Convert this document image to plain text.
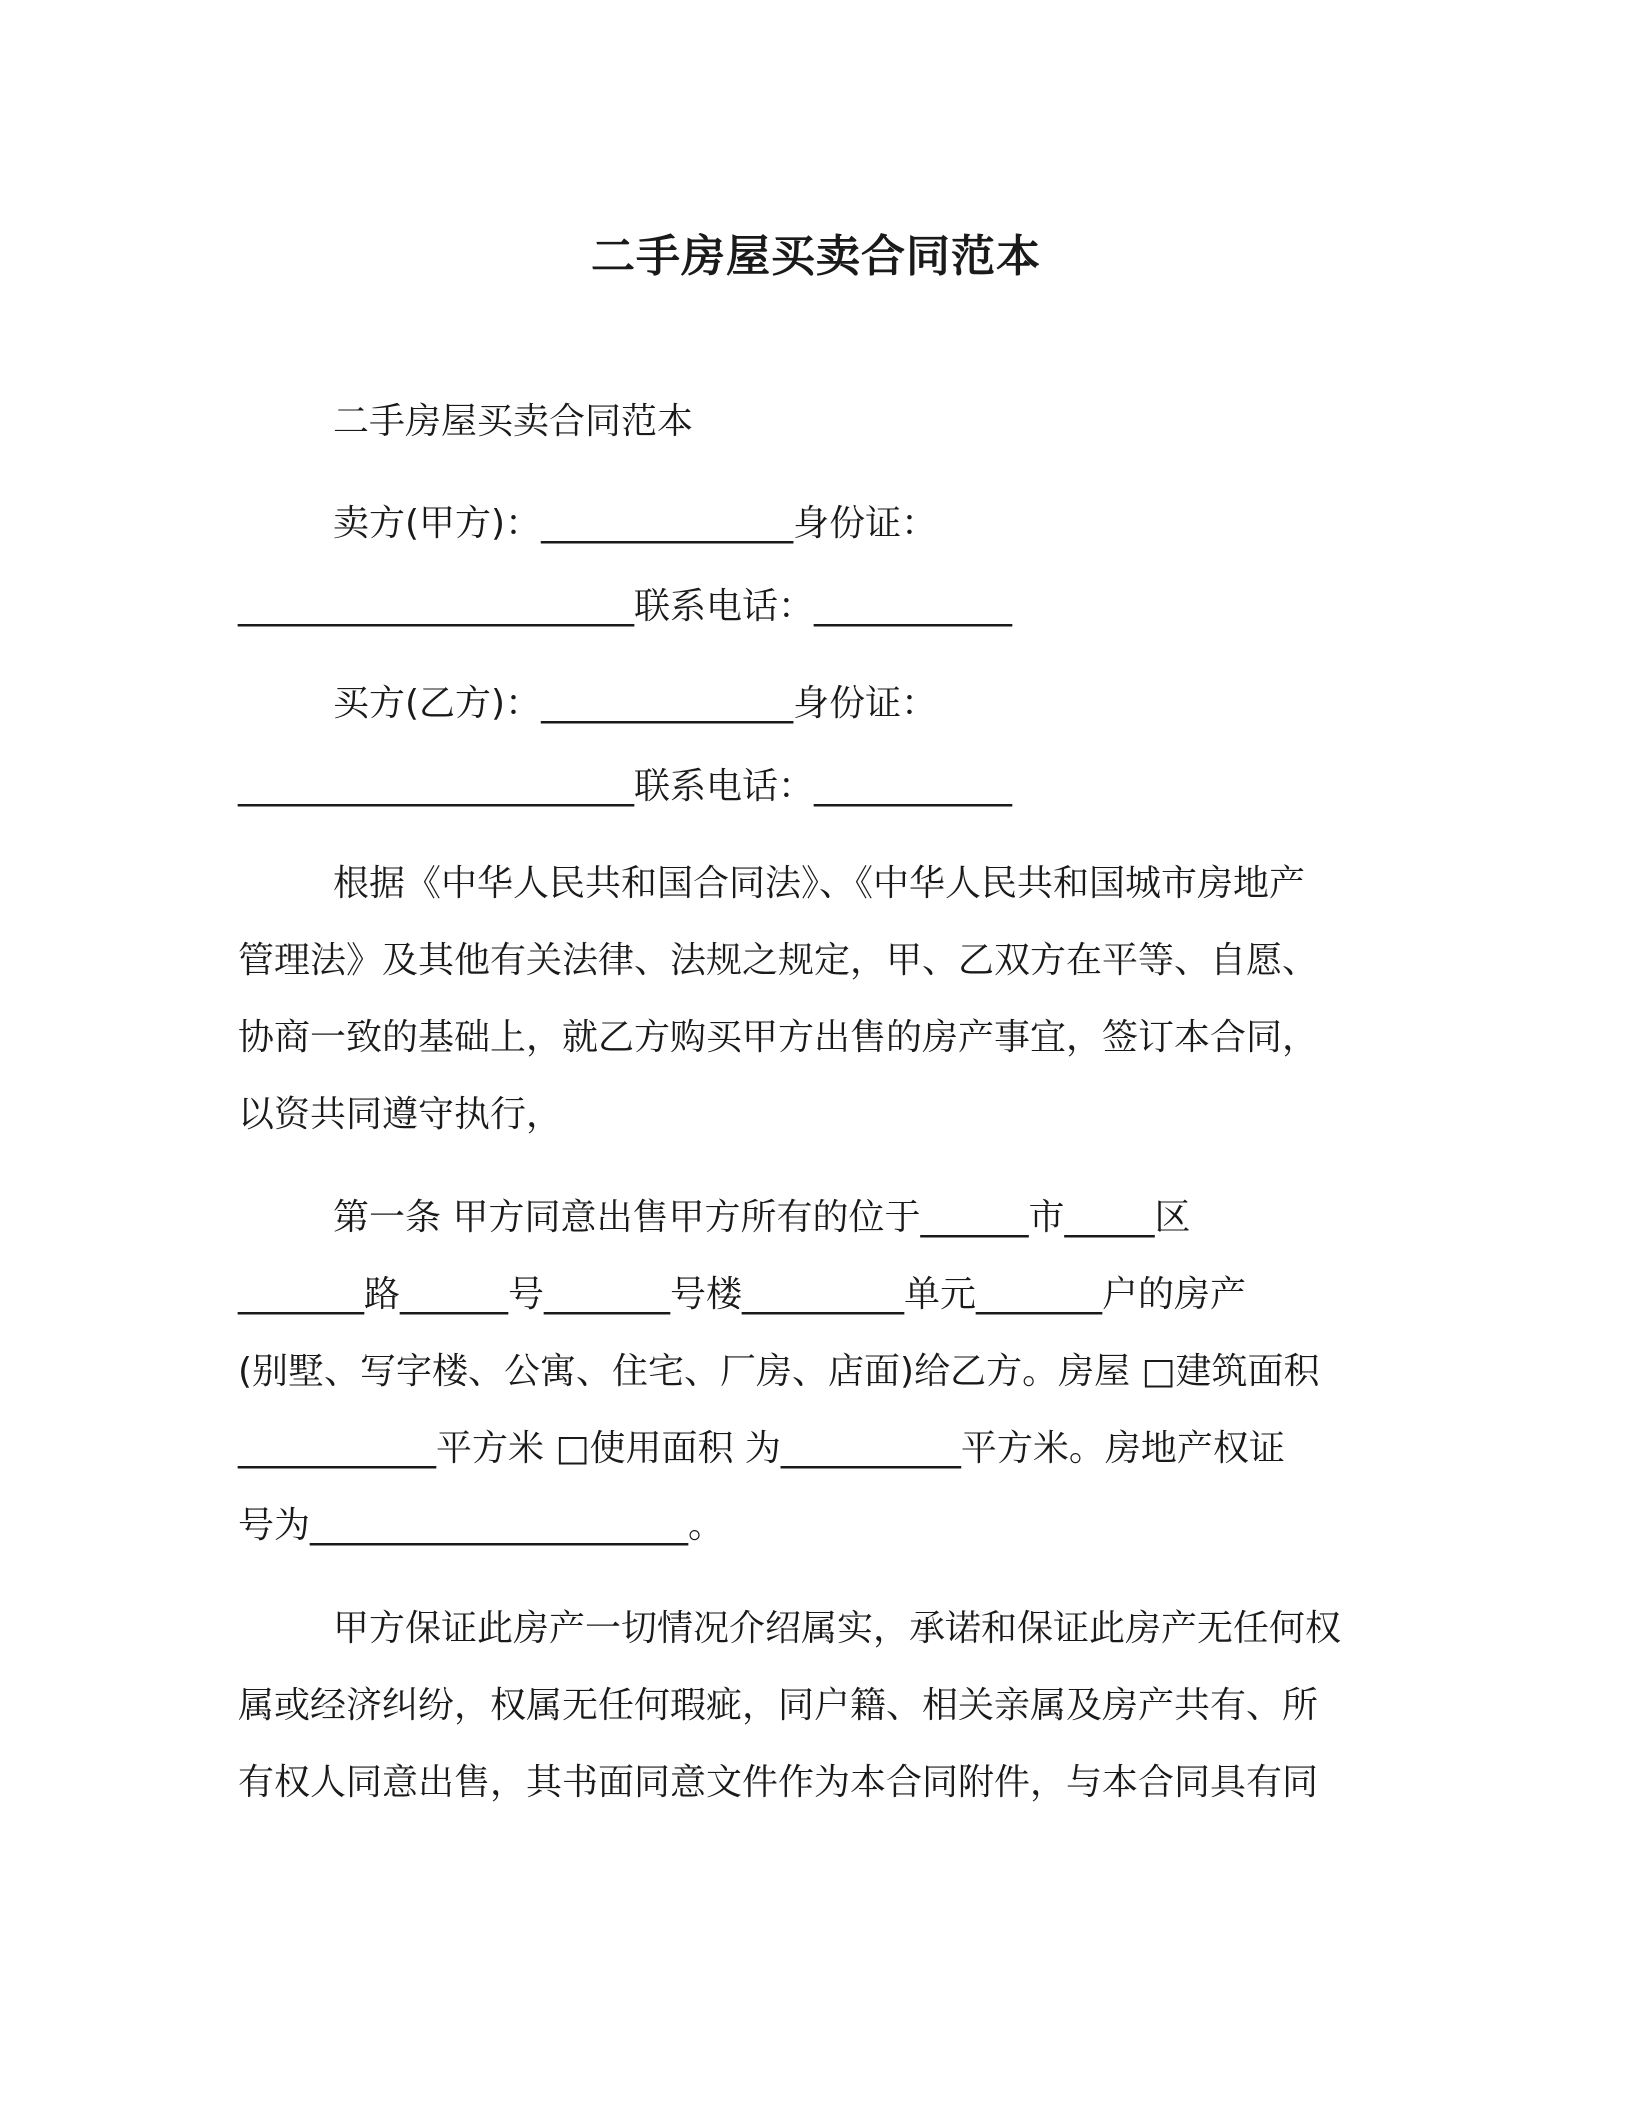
二手房屋买卖合同范本

二手房屋买卖合同范本

卖方(甲方)：______________身份证：

______________________联系电话：___________

买方(乙方)：______________身份证：

______________________联系电话：___________

根据《中华人民共和国合同法》、《中华人民共和国城市房地产

管理法》及其他有关法律、法规之规定，甲、乙双方在平等、自愿、

协商一致的基础上，就乙方购买甲方出售的房产事宜，签订本合同，

以资共同遵守执行，

第一条 甲方同意出售甲方所有的位于______市_____区

_______路______号_______号楼_________单元_______户的房产

(别墅、写字楼、公寓、住宅、厂房、店面)给乙方。房屋 □建筑面积

___________平方米 □使用面积 为__________平方米。房地产权证

号为_____________________。

甲方保证此房产一切情况介绍属实，承诺和保证此房产无任何权

属或经济纠纷，权属无任何瑕疵，同户籍、相关亲属及房产共有、所

有权人同意出售，其书面同意文件作为本合同附件，与本合同具有同
